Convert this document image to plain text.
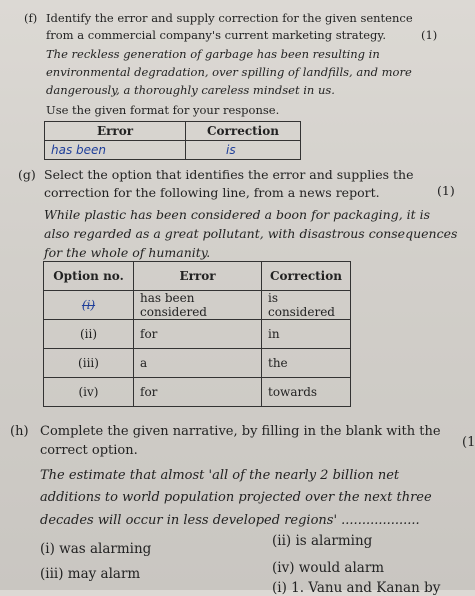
(f) Identify the error and supply correction for the given sentence
from a commercial company's current marketing strategy.	(1)
The reckless generation of garbage has been resulting in
environmental degradation, over spilling of landfills, and more
dangerously, a thoroughly careless mindset in us.
Use the given format for your response.
Error	Correction
has been	is
(g) Select the option that identifies the error and supplies the
correction for the following line, from a news report.	(1)
While plastic has been considered a boon for packaging, it is
also regarded as a great pollutant, with disastrous consequences
for the whole of humanity.
Option no.	Error	Correction
(i)	has been considered	is considered
(ii)	for	in
(iii)	a	the
(iv)	for	towards
(h) Complete the given narrative, by filling in the blank with the
correct option.
(1
The estimate that almost 'all of the nearly 2 billion net
additions to world population projected over the next three
decades will occur in less developed regions' ...................
(i) was alarming	(ii) is alarming
(iii) may alarm	(iv) would alarm
(i) 1. Vanu and Kanan by
